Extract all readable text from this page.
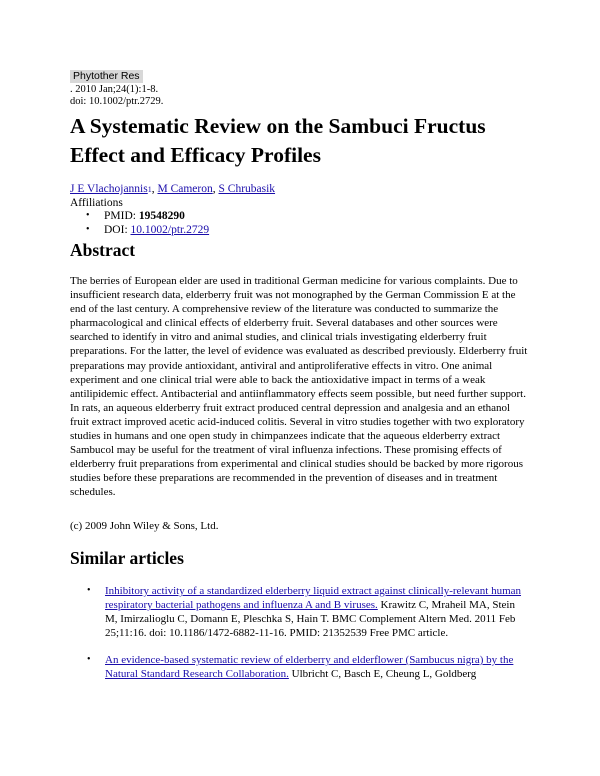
Phytother Res
. 2010 Jan;24(1):1-8.
doi: 10.1002/ptr.2729.
A Systematic Review on the Sambuci Fructus Effect and Efficacy Profiles
J E Vlachojannis1, M Cameron, S Chrubasik
Affiliations
• PMID: 19548290
• DOI: 10.1002/ptr.2729
Abstract

The berries of European elder are used in traditional German medicine for various complaints. Due to insufficient research data, elderberry fruit was not monographed by the German Commission E at the end of the last century. A comprehensive review of the literature was conducted to summarize the pharmacological and clinical effects of elderberry fruit. Several databases and other sources were searched to identify in vitro and animal studies, and clinical trials investigating elderberry fruit preparations. For the latter, the level of evidence was evaluated as described previously. Elderberry fruit preparations may provide antioxidant, antiviral and antiproliferative effects in vitro. One animal experiment and one clinical trial were able to back the antioxidative impact in terms of a weak antilipidemic effect. Antibacterial and antiinflammatory effects seem possible, but need further support. In rats, an aqueous elderberry fruit extract produced central depression and analgesia and an ethanol fruit extract improved acetic acid-induced colitis. Several in vitro studies together with two exploratory studies in humans and one open study in chimpanzees indicate that the aqueous elderberry extract Sambucol may be useful for the treatment of viral influenza infections. These promising effects of elderberry fruit preparations from experimental and clinical studies should be backed by more rigorous studies before these preparations are recommended in the prevention of diseases and in treatment schedules.

(c) 2009 John Wiley & Sons, Ltd.
Similar articles
• Inhibitory activity of a standardized elderberry liquid extract against clinically-relevant human respiratory bacterial pathogens and influenza A and B viruses. Krawitz C, Mraheil MA, Stein M, Imirzalioglu C, Domann E, Pleschka S, Hain T. BMC Complement Altern Med. 2011 Feb 25;11:16. doi: 10.1186/1472-6882-11-16. PMID: 21352539 Free PMC article.
• An evidence-based systematic review of elderberry and elderflower (Sambucus nigra) by the Natural Standard Research Collaboration. Ulbricht C, Basch E, Cheung L, Goldberg
